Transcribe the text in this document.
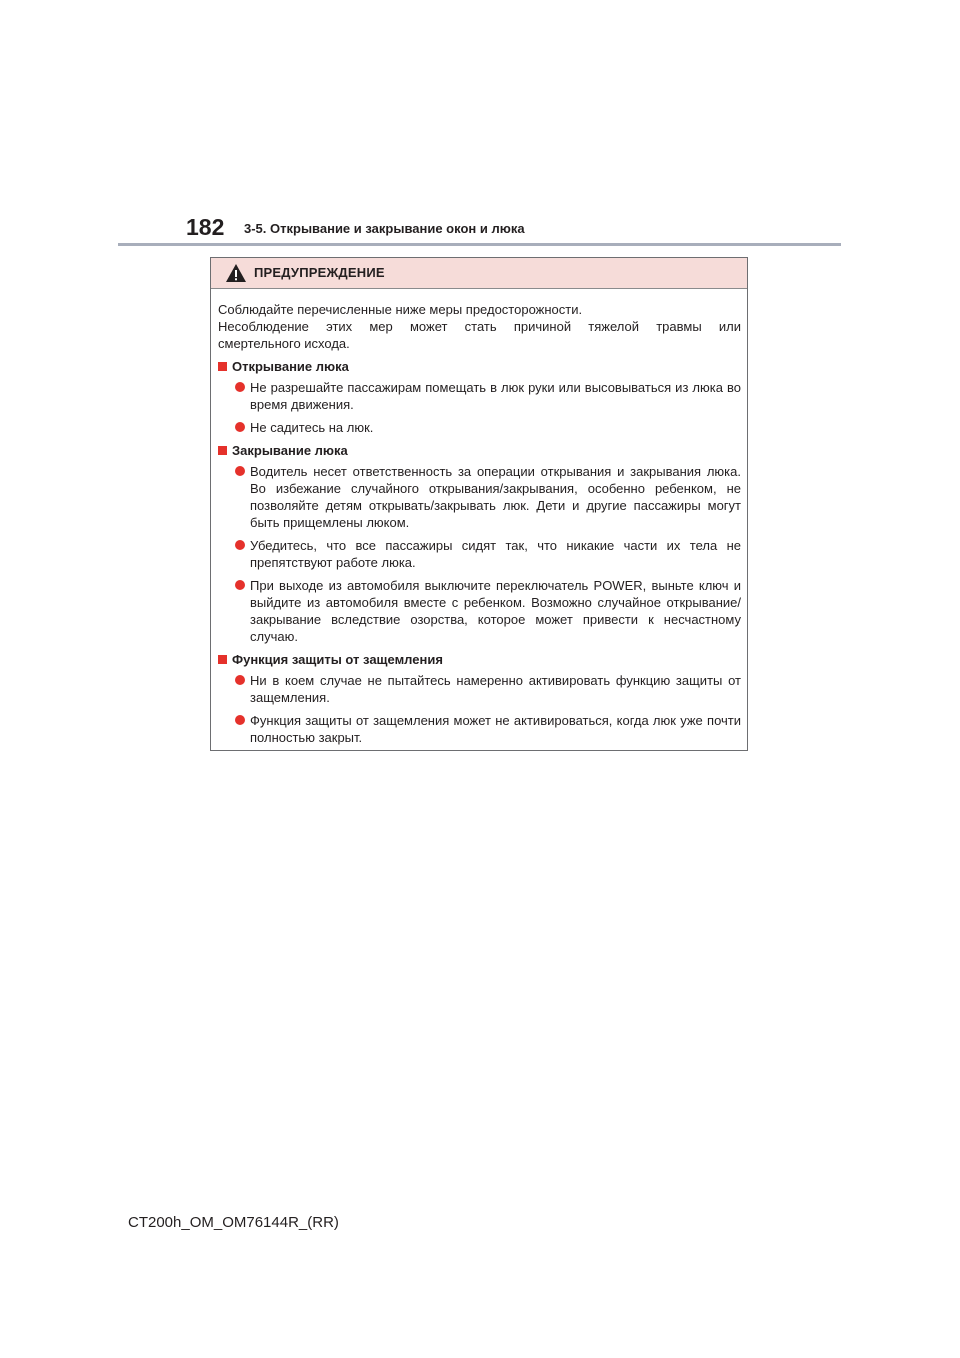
182 3-5. Открывание и закрывание окон и люка
ПРЕДУПРЕЖДЕНИЕ
Соблюдайте перечисленные ниже меры предосторожности.
Несоблюдение этих мер может стать причиной тяжелой травмы или
смертельного исхода.
Открывание люка
Не разрешайте пассажирам помещать в люк руки или высовываться из люка во время движения.
Не садитесь на люк.
Закрывание люка
Водитель несет ответственность за операции открывания и закрывания люка. Во избежание случайного открывания/закрывания, особенно ребенком, не позволяйте детям открывать/закрывать люк. Дети и другие пассажиры могут быть прищемлены люком.
Убедитесь, что все пассажиры сидят так, что никакие части их тела не препятствуют работе люка.
При выходе из автомобиля выключите переключатель POWER, выньте ключ и выйдите из автомобиля вместе с ребенком. Возможно случайное открывание/закрывание вследствие озорства, которое может привести к несчастному случаю.
Функция защиты от защемления
Ни в коем случае не пытайтесь намеренно активировать функцию защиты от защемления.
Функция защиты от защемления может не активироваться, когда люк уже почти полностью закрыт.
CT200h_OM_OM76144R_(RR)
